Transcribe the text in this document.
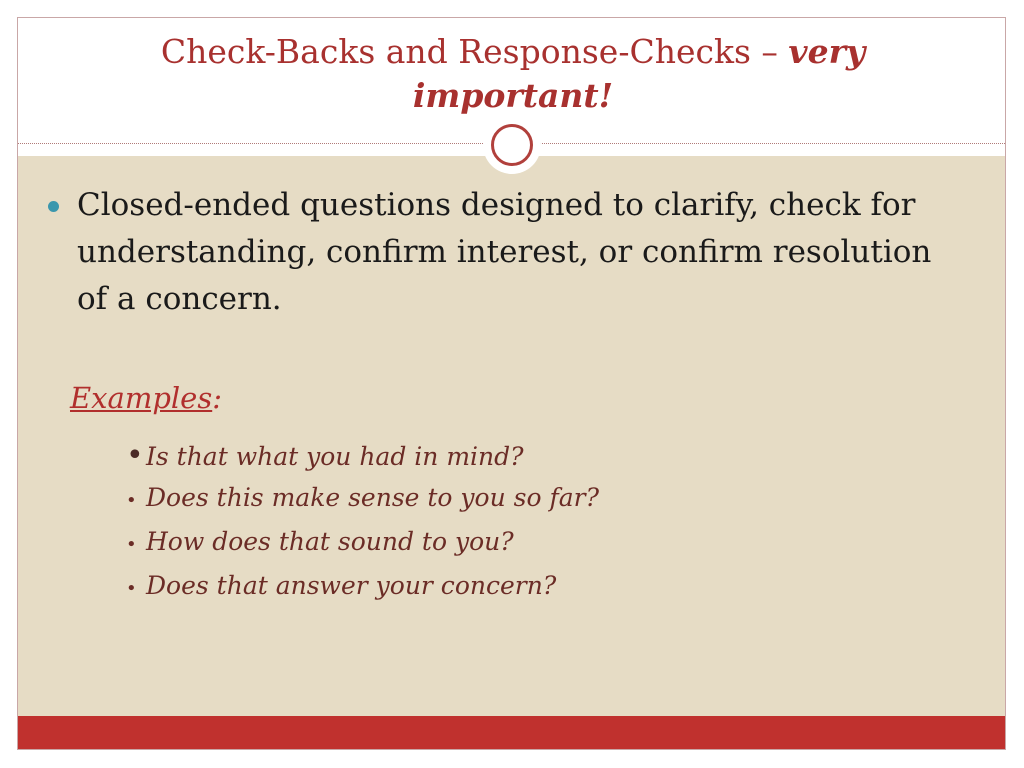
Check-Backs and Response-Checks – very
important!
Closed-ended questions designed to clarify, check for understanding, confirm interest, or confirm resolution of a concern.
Examples:
• Is that what you had in mind?
• Does this make sense to you so far?
• How does that sound to you?
• Does that answer your concern?
